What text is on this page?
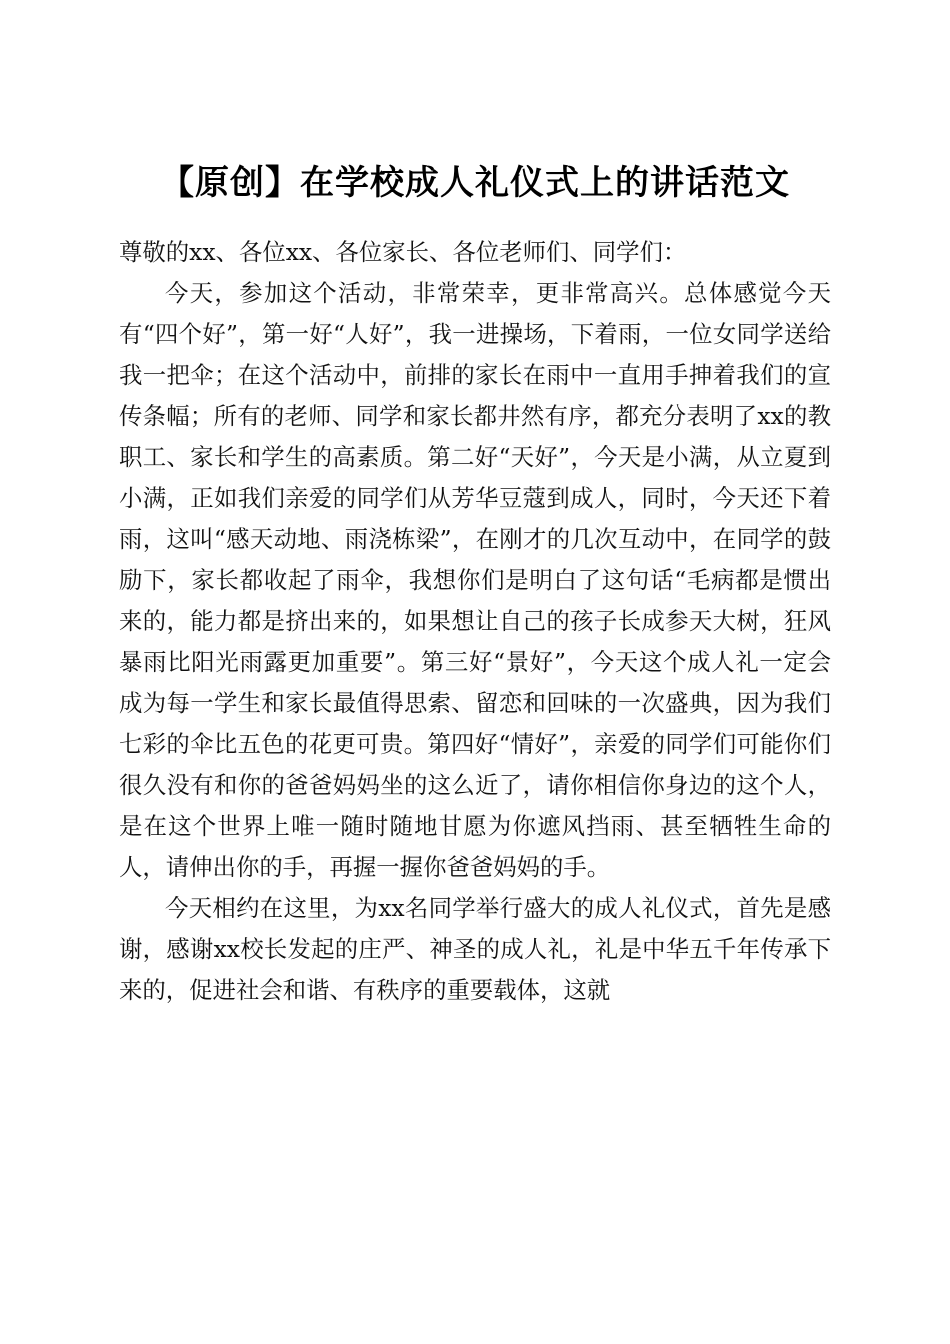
【原创】在学校成人礼仪式上的讲话范文

尊敬的xx、各位xx、各位家长、各位老师们、同学们：

今天，参加这个活动，非常荣幸，更非常高兴。总体感觉今天有“四个好”，第一好“人好”，我一进操场，下着雨，一位女同学送给我一把伞；在这个活动中，前排的家长在雨中一直用手抻着我们的宣传条幅；所有的老师、同学和家长都井然有序，都充分表明了xx的教职工、家长和学生的高素质。第二好“天好”，今天是小满，从立夏到小满，正如我们亲爱的同学们从芳华豆蔻到成人，同时，今天还下着雨，这叫“感天动地、雨浇栋梁”，在刚才的几次互动中，在同学的鼓励下，家长都收起了雨伞，我想你们是明白了这句话“毛病都是惯出来的，能力都是挤出来的，如果想让自己的孩子长成参天大树，狂风暴雨比阳光雨露更加重要”。第三好“景好”，今天这个成人礼一定会成为每一学生和家长最值得思索、留恋和回味的一次盛典，因为我们七彩的伞比五色的花更可贵。第四好“情好”，亲爱的同学们可能你们很久没有和你的爸爸妈妈坐的这么近了，请你相信你身边的这个人，是在这个世界上唯一随时随地甘愿为你遮风挡雨、甚至牺牲生命的人，请伸出你的手，再握一握你爸爸妈妈的手。

今天相约在这里，为xx名同学举行盛大的成人礼仪式，首先是感谢，感谢xx校长发起的庄严、神圣的成人礼，礼是中华五千年传承下来的，促进社会和谐、有秩序的重要载体，这就
